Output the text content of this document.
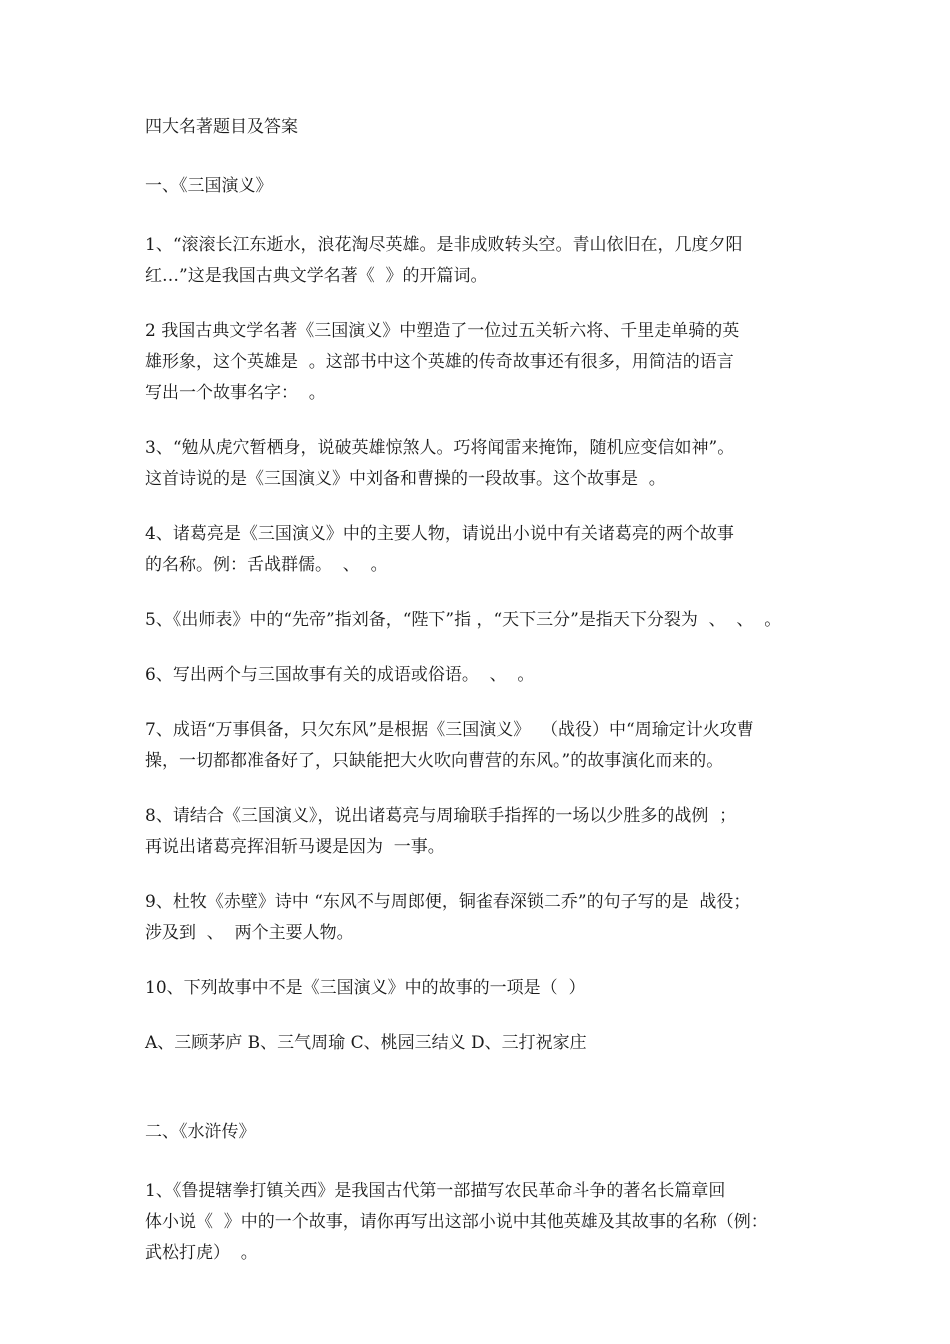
四大名著题目及答案
一、《三国演义》
1、“滚滚长江东逝水，浪花淘尽英雄。是非成败转头空。青山依旧在，几度夕阳
红…”这是我国古典文学名著《  》的开篇词。
2 我国古典文学名著《三国演义》中塑造了一位过五关斩六将、千里走单骑的英
雄形象，这个英雄是  。这部书中这个英雄的传奇故事还有很多，用简洁的语言
写出一个故事名字：  。
3、“勉从虎穴暂栖身，说破英雄惊煞人。巧将闻雷来掩饰，随机应变信如神”。
这首诗说的是《三国演义》中刘备和曹操的一段故事。这个故事是  。
4、诸葛亮是《三国演义》中的主要人物，请说出小说中有关诸葛亮的两个故事
的名称。例：舌战群儒。  、  。
5、《出师表》中的“先帝”指刘备，“陛下”指 ，“天下三分”是指天下分裂为  、  、  。
6、写出两个与三国故事有关的成语或俗语。  、  。
7、成语“万事俱备，只欠东风”是根据《三国演义》  （战役）中“周瑜定计火攻曹
操，一切都都准备好了，只缺能把大火吹向曹营的东风。”的故事演化而来的。
8、请结合《三国演义》，说出诸葛亮与周瑜联手指挥的一场以少胜多的战例  ；
再说出诸葛亮挥泪斩马谡是因为  一事。
9、杜牧《赤壁》诗中 “东风不与周郎便，铜雀春深锁二乔”的句子写的是  战役；
涉及到  、  两个主要人物。
10、下列故事中不是《三国演义》中的故事的一项是（  ）
A、三顾茅庐 B、三气周瑜 C、桃园三结义 D、三打祝家庄
二、《水浒传》
1、《鲁提辖拳打镇关西》是我国古代第一部描写农民革命斗争的著名长篇章回
体小说《  》中的一个故事，请你再写出这部小说中其他英雄及其故事的名称（例：
武松打虎）  。
